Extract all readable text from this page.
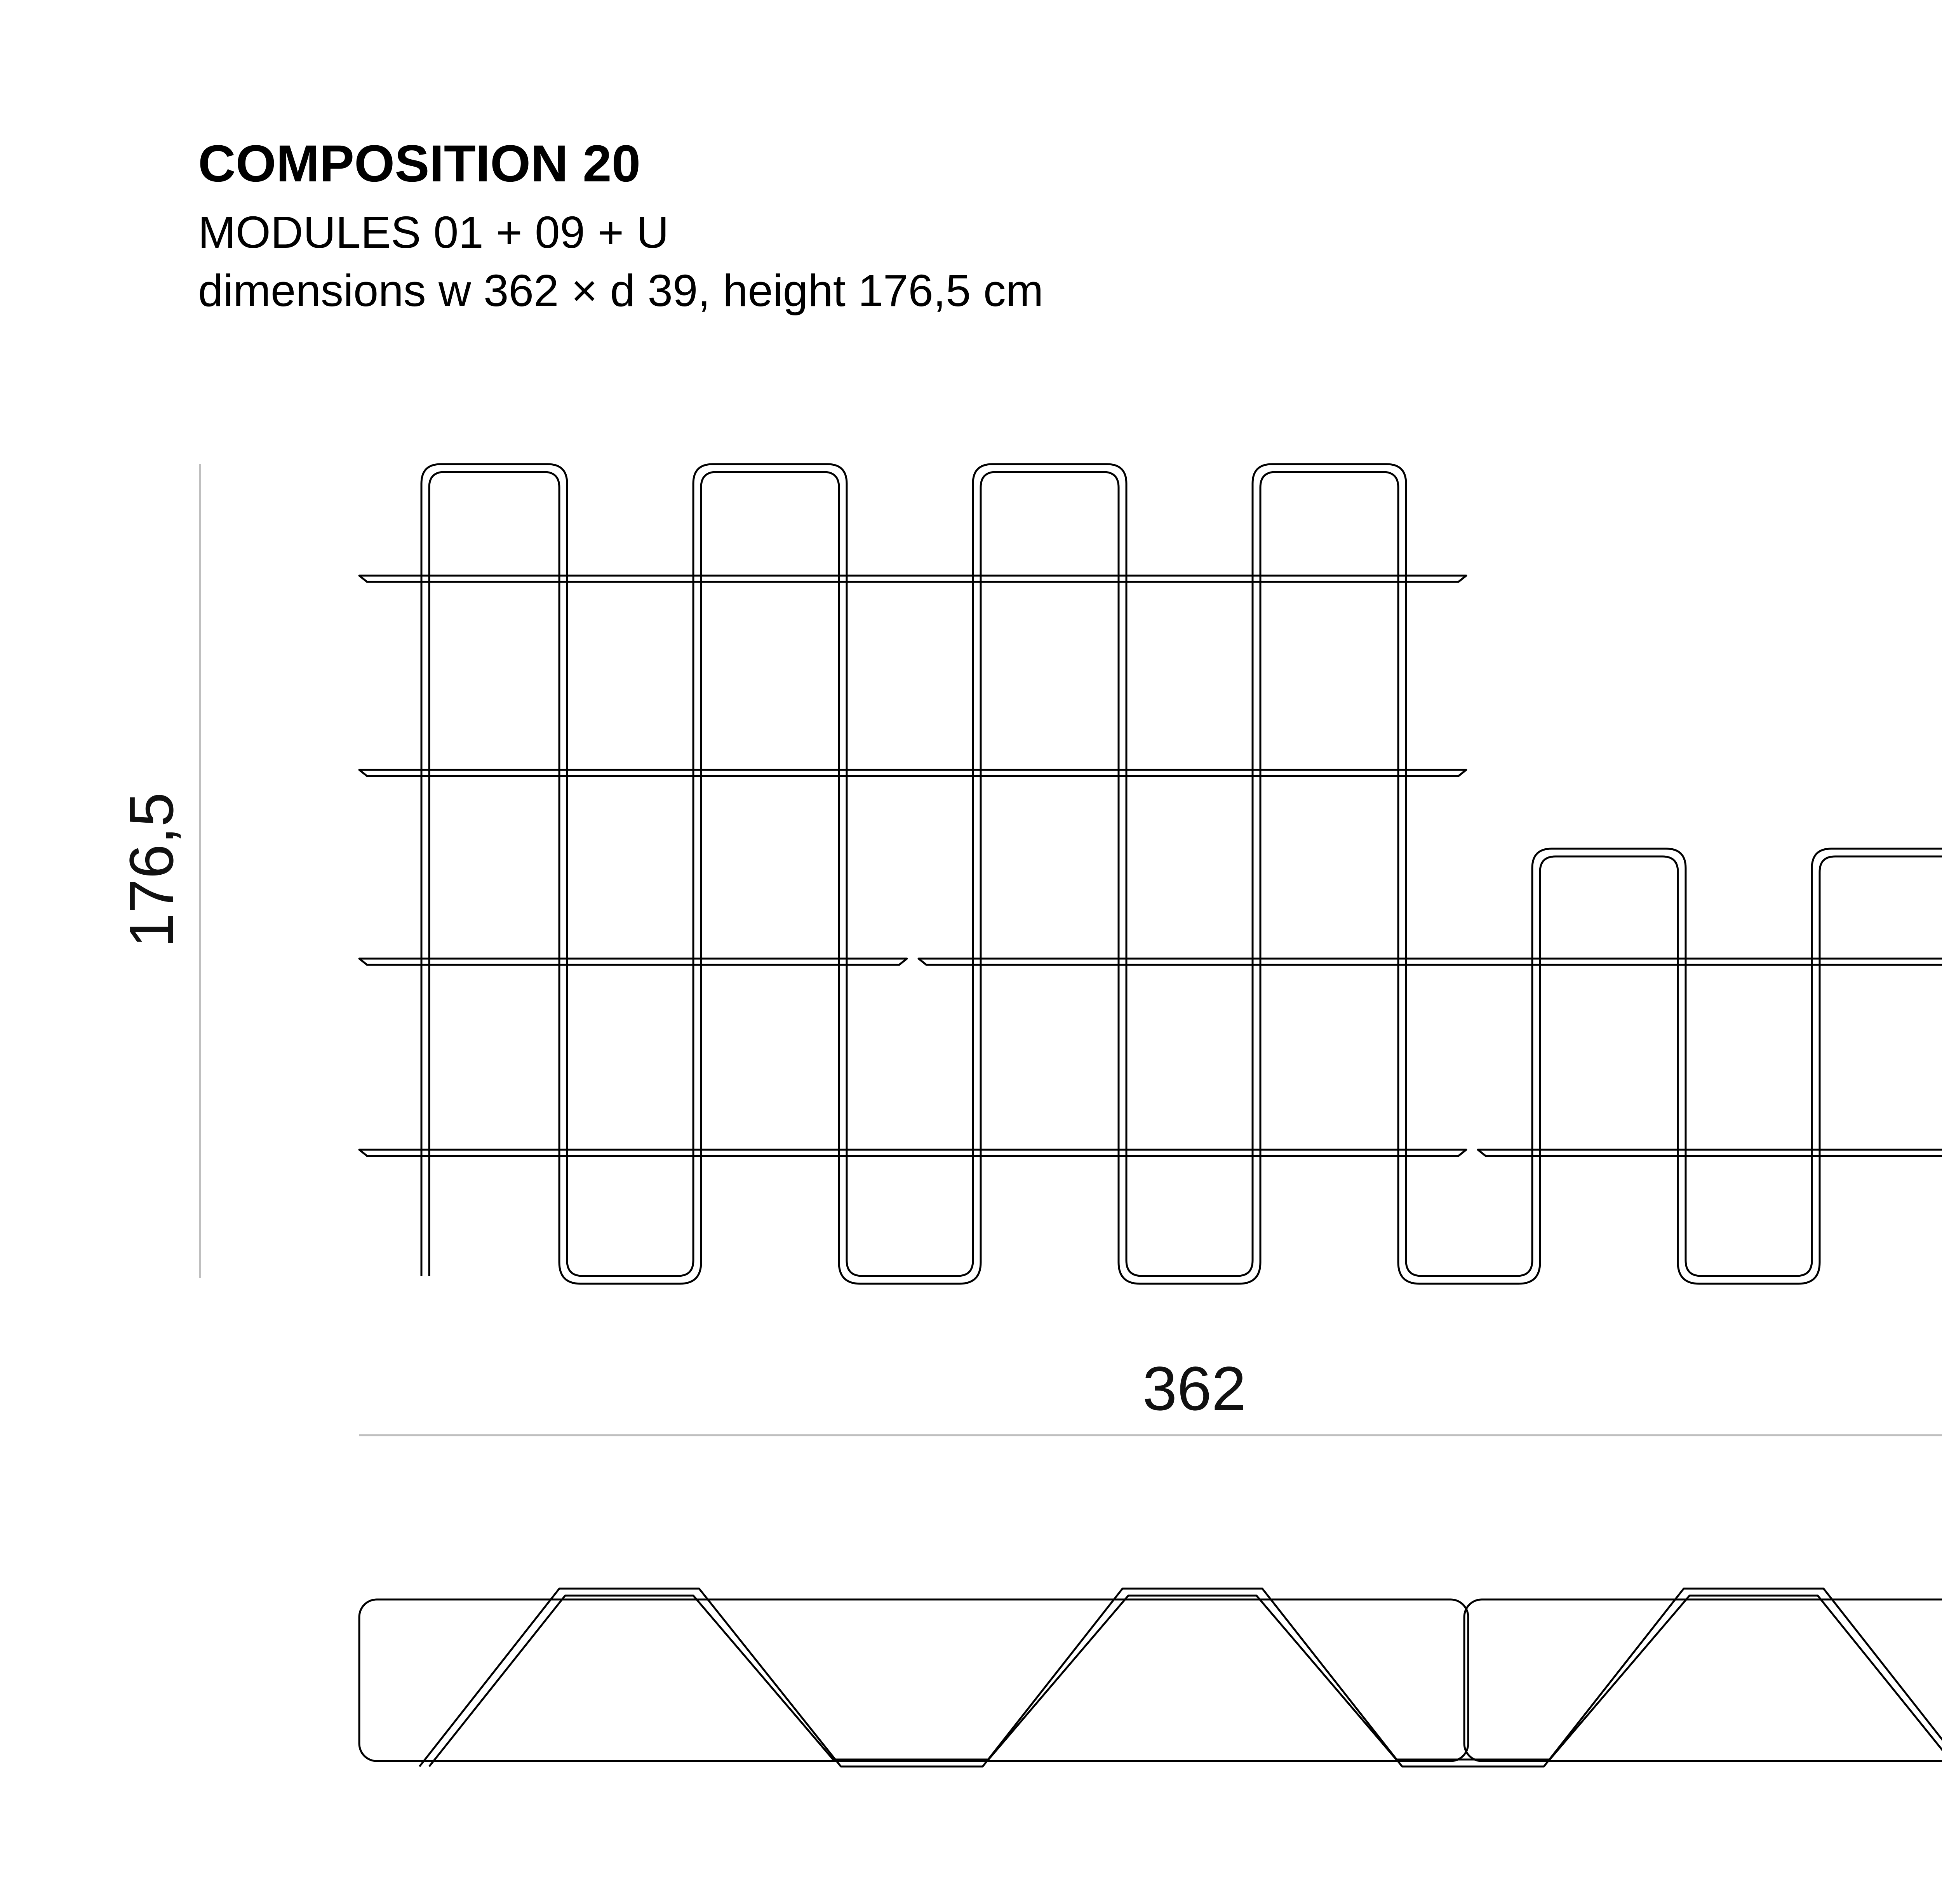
COMPOSITION 20
MODULES 01 + 09 + U
dimensions w 362 × d 39, height 176,5 cm
176,5
362
